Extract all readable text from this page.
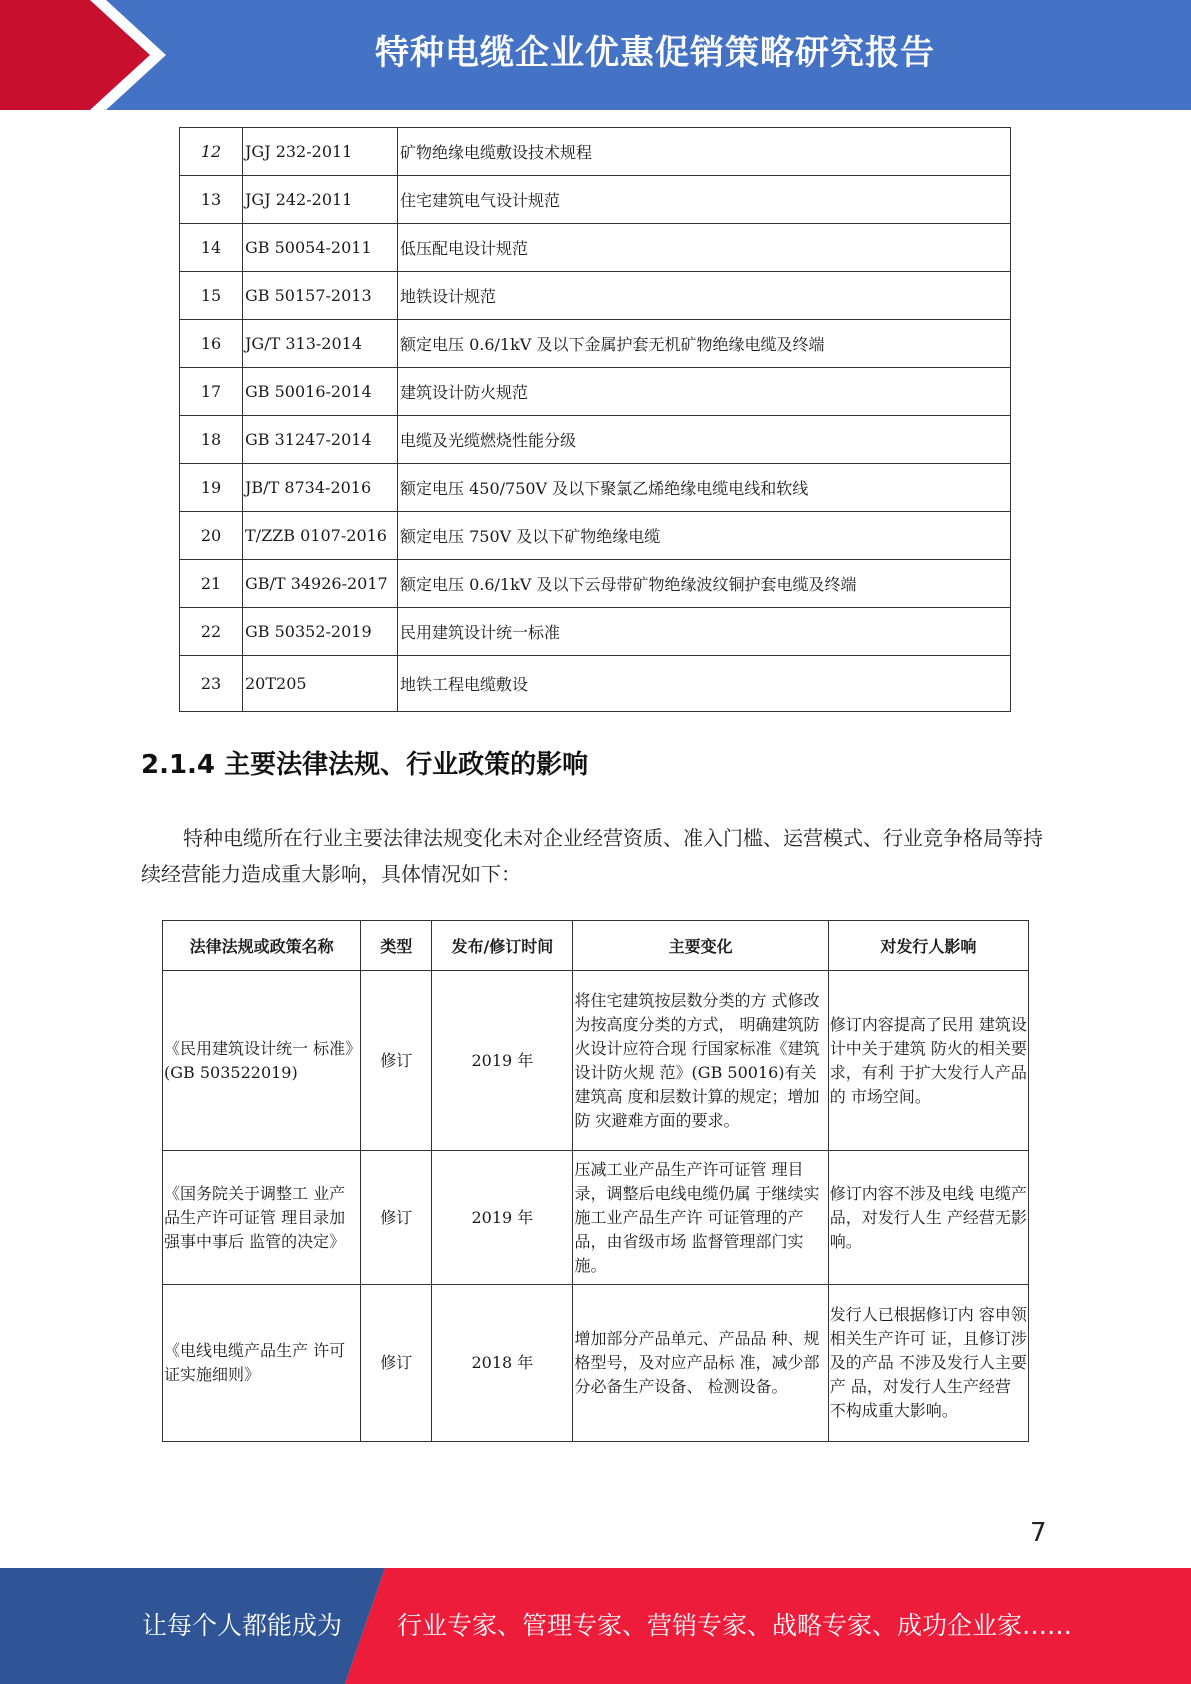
特种电缆企业优惠促销策略研究报告
12	JGJ 232-2011	矿物绝缘电缆敷设技术规程
13	JGJ 242-2011	住宅建筑电气设计规范
14	GB 50054-2011	低压配电设计规范
15	GB 50157-2013	地铁设计规范
16	JG/T 313-2014	额定电压 0.6/1kV 及以下金属护套无机矿物绝缘电缆及终端
17	GB 50016-2014	建筑设计防火规范
18	GB 31247-2014	电缆及光缆燃烧性能分级
19	JB/T 8734-2016	额定电压 450/750V 及以下聚氯乙烯绝缘电缆电线和软线
20	T/ZZB 0107-2016	额定电压 750V 及以下矿物绝缘电缆
21	GB/T 34926-2017	额定电压 0.6/1kV 及以下云母带矿物绝缘波纹铜护套电缆及终端
22	GB 50352-2019	民用建筑设计统一标准
23	20T205	地铁工程电缆敷设
2.1.4 主要法律法规、行业政策的影响
特种电缆所在行业主要法律法规变化未对企业经营资质、准入门槛、运营模式、行业竞争格局等持续经营能力造成重大影响，具体情况如下：
法律法规或政策名称	类型	发布/修订时间	主要变化	对发行人影响
《民用建筑设计统一 标准》(GB 503522019)	修订	2019 年	将住宅建筑按层数分类的方 式修改为按高度分类的方式， 明确建筑防火设计应符合现 行国家标准《建筑设计防火规 范》(GB 50016)有关建筑高 度和层数计算的规定；增加防 灾避难方面的要求。	修订内容提高了民用 建筑设计中关于建筑 防火的相关要求，有利 于扩大发行人产品的 市场空间。
《国务院关于调整工 业产品生产许可证管 理目录加强事中事后 监管的决定》	修订	2019 年	压减工业产品生产许可证管 理目录，调整后电线电缆仍属 于继续实施工业产品生产许 可证管理的产品，由省级市场 监督管理部门实施。	修订内容不涉及电线 电缆产品，对发行人生 产经营无影响。
《电线电缆产品生产 许可证实施细则》	修订	2018 年	增加部分产品单元、产品品 种、规格型号，及对应产品标 准，减少部分必备生产设备、 检测设备。	发行人已根据修订内 容申领相关生产许可 证，且修订涉及的产品 不涉及发行人主要产 品，对发行人生产经营 不构成重大影响。
7
让每个人都能成为 行业专家、管理专家、营销专家、战略专家、成功企业家……
